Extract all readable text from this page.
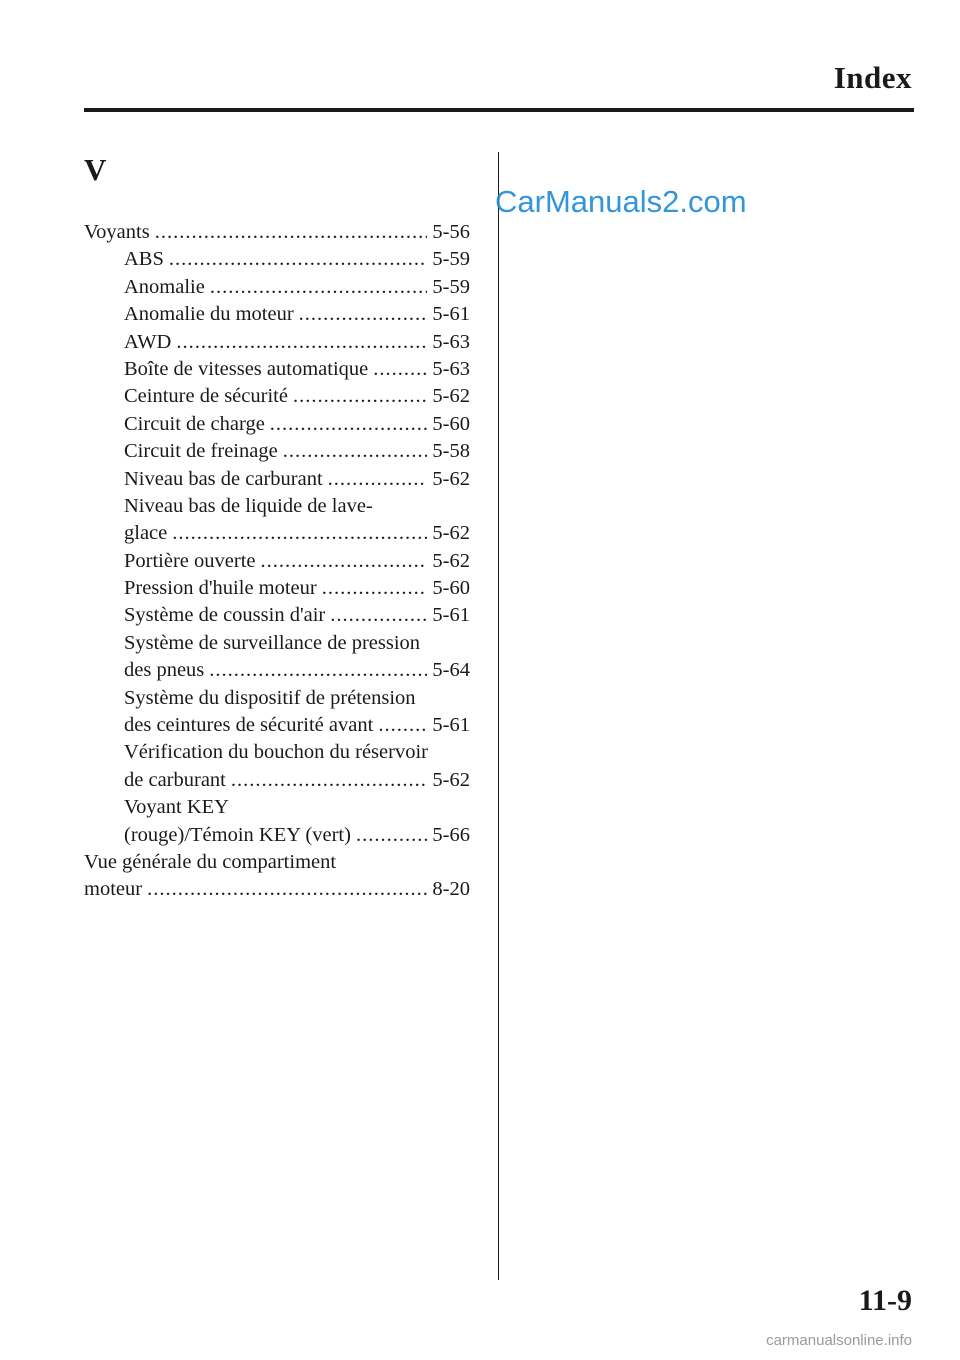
Index
V
CarManuals2.com
Voyants .....	5-56
ABS .....	5-59
Anomalie .....	5-59
Anomalie du moteur .....	5-61
AWD .....	5-63
Boîte de vitesses automatique .....	5-63
Ceinture de sécurité .....	5-62
Circuit de charge .....	5-60
Circuit de freinage .....	5-58
Niveau bas de carburant .....	5-62
Niveau bas de liquide de lave-
glace .....	5-62
Portière ouverte .....	5-62
Pression d'huile moteur .....	5-60
Système de coussin d'air .....	5-61
Système de surveillance de pression
des pneus .....	5-64
Système du dispositif de prétension
des ceintures de sécurité avant .....	5-61
Vérification du bouchon du réservoir
de carburant .....	5-62
Voyant KEY
(rouge)/Témoin KEY (vert) .....	5-66
Vue générale du compartiment
moteur .....	8-20
11-9
carmanualsonline.info
